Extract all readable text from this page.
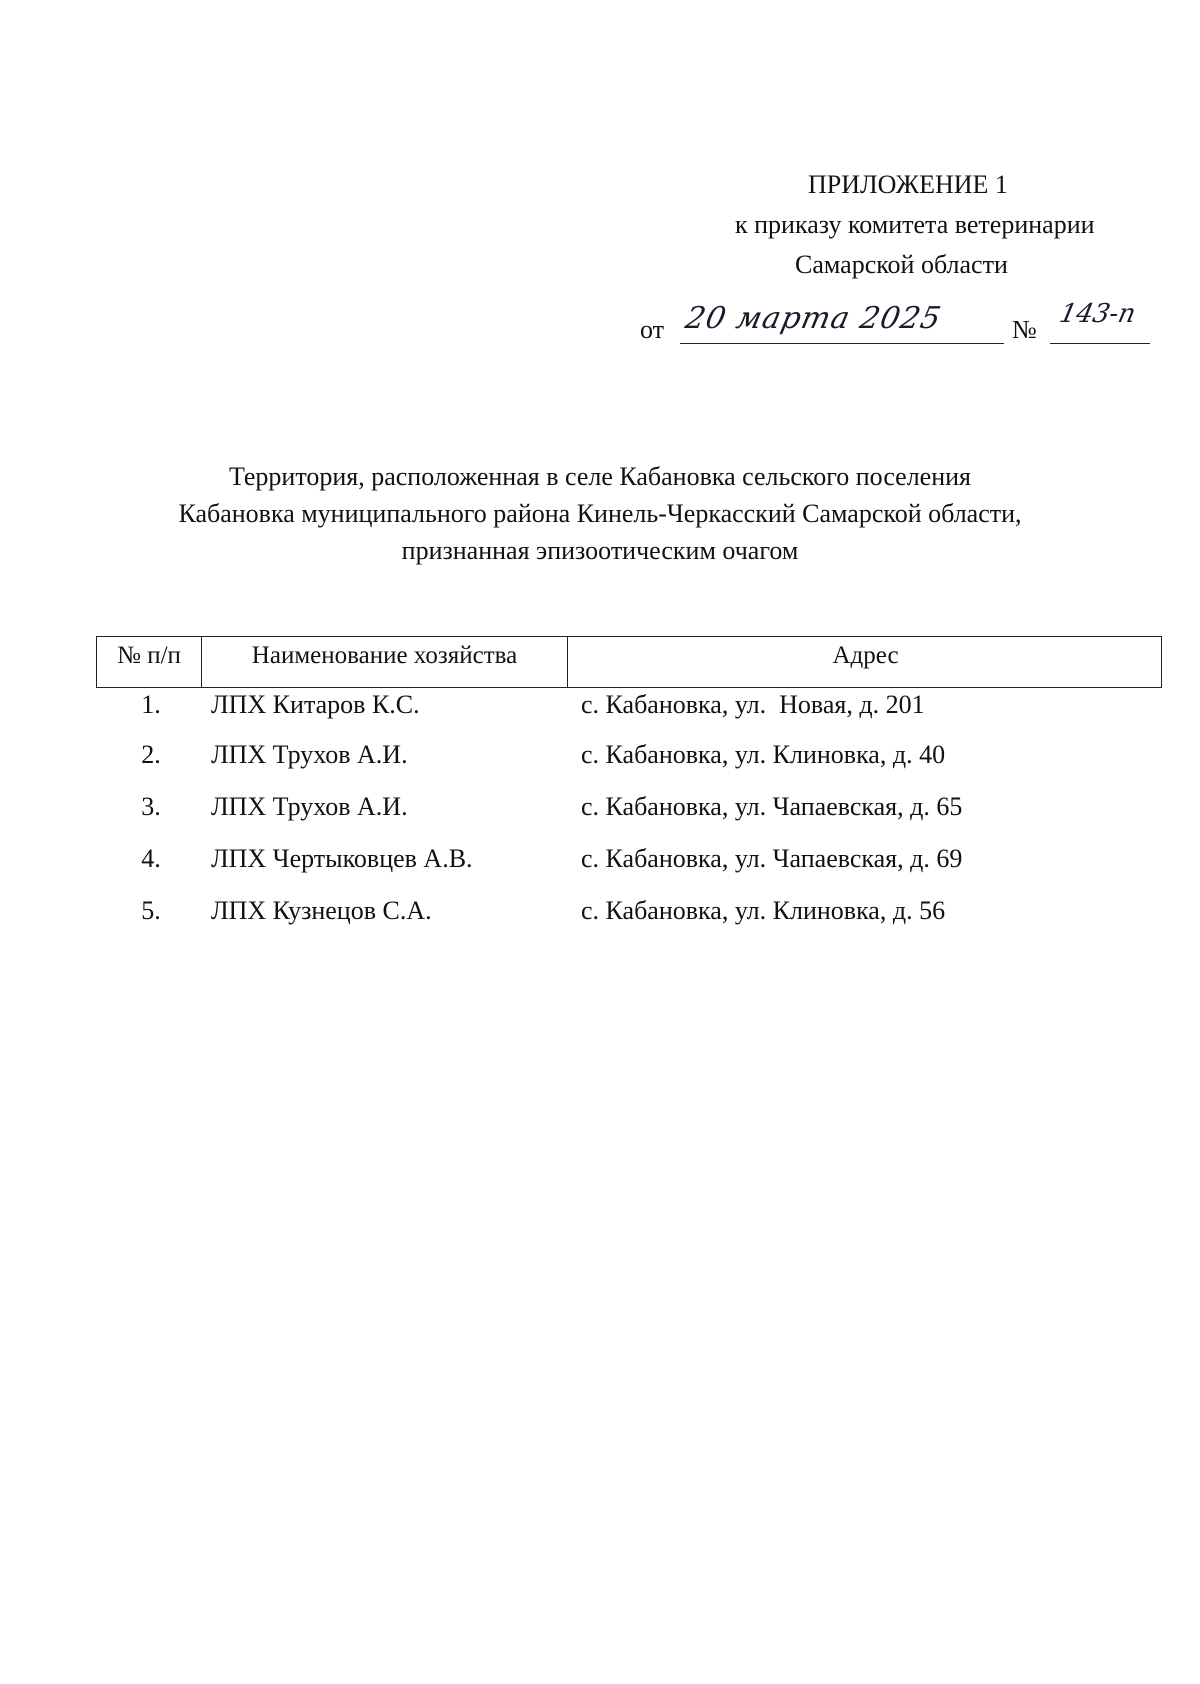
ПРИЛОЖЕНИЕ 1
к приказу комитета ветеринарии
Самарской области
от 20 марта 2025	№
143-п
Территория, расположенная в селе Кабановка сельского поселения
Кабановка муниципального района Кинель-Черкасский Самарской области,
признанная эпизоотическим очагом
№ п/п	Наименование хозяйства	Адрес
1.	ЛПХ Китаров К.С.	с. Кабановка, ул.  Новая, д. 201
2.	ЛПХ Трухов А.И.	с. Кабановка, ул. Клиновка, д. 40
3.	ЛПХ Трухов А.И.	с. Кабановка, ул. Чапаевская, д. 65
4.	ЛПХ Чертыковцев А.В.	с. Кабановка, ул. Чапаевская, д. 69
5.	ЛПХ Кузнецов С.А.	с. Кабановка, ул. Клиновка, д. 56
